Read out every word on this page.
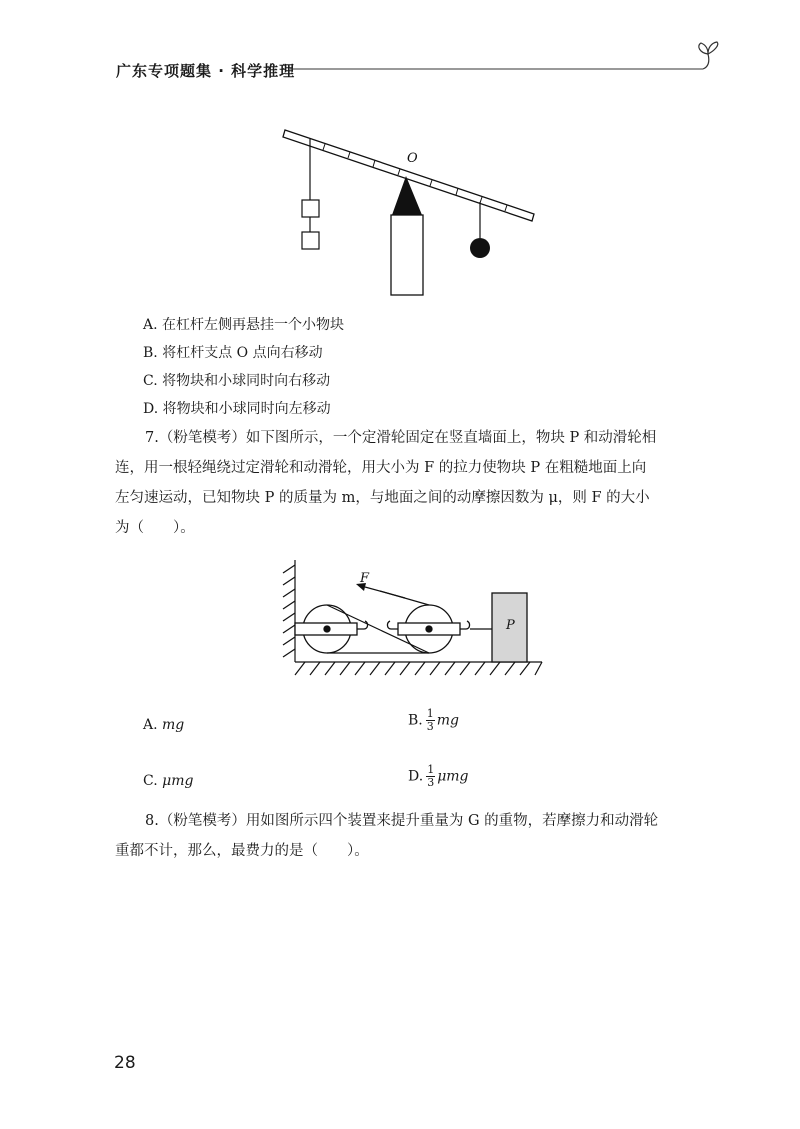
广东专项题集 · 科学推理
O
A. 在杠杆左侧再悬挂一个小物块
B. 将杠杆支点 O 点向右移动
C. 将物块和小球同时向右移动
D. 将物块和小球同时向左移动
7.（粉笔模考）如下图所示，一个定滑轮固定在竖直墙面上，物块 P 和动滑轮相
连，用一根轻绳绕过定滑轮和动滑轮，用大小为 F 的拉力使物块 P 在粗糙地面上向
左匀速运动，已知物块 P 的质量为 m，与地面之间的动摩擦因数为 μ，则 F 的大小
为（　　）。
F
P
A. mg	B. $\frac{1}{3}$ mg
C. μmg	D. $\frac{1}{3}$ μmg
8.（粉笔模考）用如图所示四个装置来提升重量为 G 的重物，若摩擦力和动滑轮
重都不计，那么，最费力的是（　　）。
28
